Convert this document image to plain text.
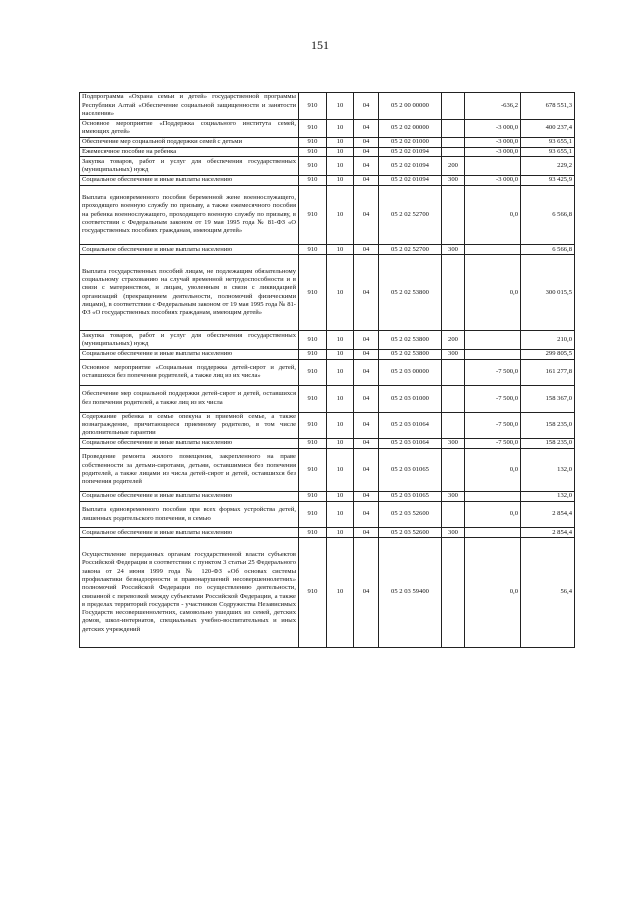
151
Подпрограмма «Охрана семьи и детей» государственной программы Республики Алтай «Обеспечение социальной защищенности и занятости населения»	910	10	04	05 2 00 00000		-636,2	678 551,3
Основное мероприятие «Поддержка социального института семей, имеющих детей»	910	10	04	05 2 02 00000		-3 000,0	400 237,4
Обеспечение мер социальной поддержки семей с детьми	910	10	04	05 2 02 01000		-3 000,0	93 655,1
Ежемесячное пособие на ребенка	910	10	04	05 2 02 01094		-3 000,0	93 655,1
Закупка товаров, работ и услуг для обеспечения государственных (муниципальных) нужд	910	10	04	05 2 02 01094	200		229,2
Социальное обеспечение и иные выплаты населению	910	10	04	05 2 02 01094	300	-3 000,0	93 425,9
Выплата единовременного пособия беременной жене военнослужащего, проходящего военную службу по призыву, а также ежемесячного пособия на ребенка военнослужащего, проходящего военную службу по призыву, в соответствии с Федеральным законом от 19 мая 1995 года № 81-ФЗ «О государственных пособиях гражданам, имеющим детей»	910	10	04	05 2 02 52700		0,0	6 566,8
Социальное обеспечение и иные выплаты населению	910	10	04	05 2 02 52700	300		6 566,8
Выплата государственных пособий лицам, не подлежащим обязательному социальному страхованию на случай временной нетрудоспособности и в связи с материнством, и лицам, уволенным в связи с ликвидацией организаций (прекращением деятельности, полномочий физическими лицами), в соответствии с Федеральным законом от 19 мая 1995 года № 81-ФЗ «О государственных пособиях гражданам, имеющим детей»	910	10	04	05 2 02 53800		0,0	300 015,5
Закупка товаров, работ и услуг для обеспечения государственных (муниципальных) нужд	910	10	04	05 2 02 53800	200		210,0
Социальное обеспечение и иные выплаты населению	910	10	04	05 2 02 53800	300		299 805,5
Основное мероприятие «Социальная поддержка детей-сирот и детей, оставшихся без попечения родителей, а также лиц из их числа»	910	10	04	05 2 03 00000		-7 500,0	161 277,8
Обеспечение мер социальной поддержки детей-сирот и детей, оставшихся без попечения родителей, а также лиц из их числа	910	10	04	05 2 03 01000		-7 500,0	158 367,0
Содержание ребенка в семье опекуна и приемной семье, а также вознаграждение, причитающееся приемному родителю, в том числе дополнительные гарантии	910	10	04	05 2 03 01064		-7 500,0	158 235,0
Социальное обеспечение и иные выплаты населению	910	10	04	05 2 03 01064	300	-7 500,0	158 235,0
Проведение ремонта жилого помещения, закрепленного на праве собственности за детьми-сиротами, детьми, оставшимися без попечения родителей, а также лицами из числа детей-сирот и детей, оставшихся без попечения родителей	910	10	04	05 2 03 01065		0,0	132,0
Социальное обеспечение и иные выплаты населению	910	10	04	05 2 03 01065	300		132,0
Выплата единовременного пособия при всех формах устройства детей, лишенных родительского попечения, в семью	910	10	04	05 2 03 52600		0,0	2 854,4
Социальное обеспечение и иные выплаты населению	910	10	04	05 2 03 52600	300		2 854,4
Осуществление переданных органам государственной власти субъектов Российской Федерации в соответствии с пунктом 3 статьи 25 Федерального закона от 24 июня 1999 года № 120-ФЗ «Об основах системы профилактики безнадзорности и правонарушений несовершеннолетних» полномочий Российской Федерации по осуществлению деятельности, связанной с перевозкой между субъектами Российской Федерации, а также в пределах территорий государств - участников Содружества Независимых Государств несовершеннолетних, самовольно ушедших из семей, детских домов, школ-интернатов, специальных учебно-воспитательных и иных детских учреждений	910	10	04	05 2 03 59400		0,0	56,4
